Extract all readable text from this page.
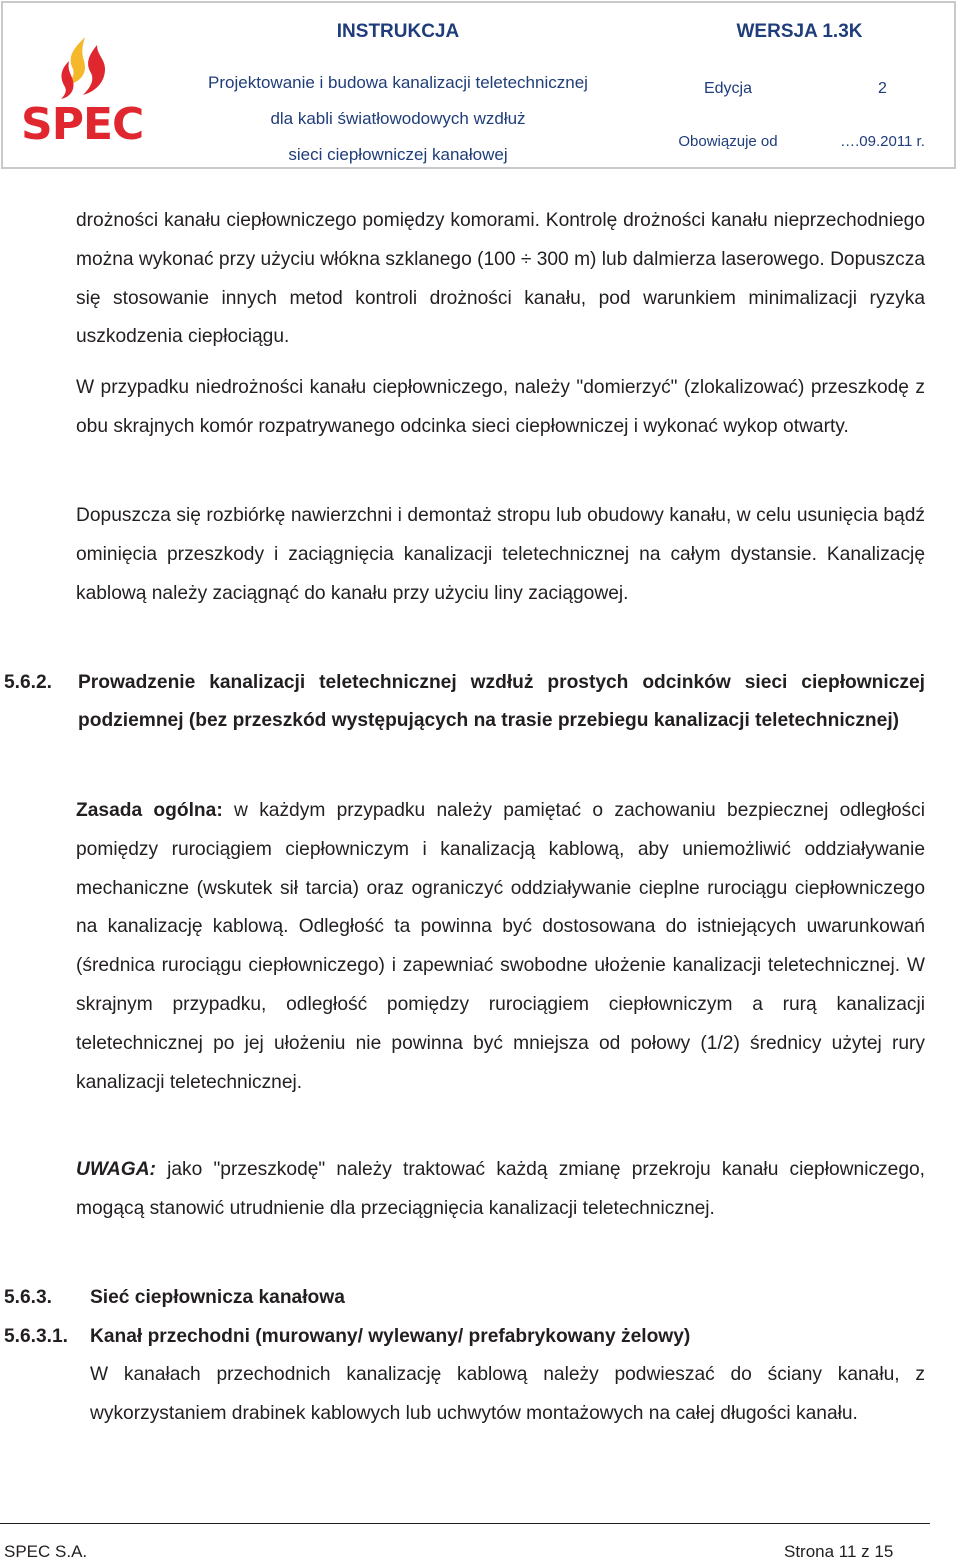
SPEC
INSTRUKCJA	WERSJA 1.3K
Projektowanie i budowa kanalizacji teletechnicznej
dla kabli światłowodowych wzdłuż
sieci ciepłowniczej kanałowej
Edycja	2
Obowiązuje od	….09.2011 r.

drożności kanału ciepłowniczego pomiędzy komorami. Kontrolę drożności kanału nieprzechodniego można wykonać przy użyciu włókna szklanego (100 ÷ 300 m) lub dalmierza laserowego. Dopuszcza się stosowanie innych metod kontroli drożności kanału, pod warunkiem minimalizacji ryzyka uszkodzenia ciepłociągu.

W przypadku niedrożności kanału ciepłowniczego, należy "domierzyć" (zlokalizować) przeszkodę z obu skrajnych komór rozpatrywanego odcinka sieci ciepłowniczej i wykonać wykop otwarty.

Dopuszcza się rozbiórkę nawierzchni i demontaż stropu lub obudowy kanału, w celu usunięcia bądź ominięcia przeszkody i zaciągnięcia kanalizacji teletechnicznej na całym dystansie. Kanalizację kablową należy zaciągnąć do kanału przy użyciu liny zaciągowej.

5.6.2. Prowadzenie kanalizacji teletechnicznej wzdłuż prostych odcinków sieci ciepłowniczej podziemnej (bez przeszkód występujących na trasie przebiegu kanalizacji teletechnicznej)

Zasada ogólna: w każdym przypadku należy pamiętać o zachowaniu bezpiecznej odległości pomiędzy rurociągiem ciepłowniczym i kanalizacją kablową, aby uniemożliwić oddziaływanie mechaniczne (wskutek sił tarcia) oraz ograniczyć oddziaływanie cieplne rurociągu ciepłowniczego na kanalizację kablową. Odległość ta powinna być dostosowana do istniejących uwarunkowań (średnica rurociągu ciepłowniczego) i zapewniać swobodne ułożenie kanalizacji teletechnicznej. W skrajnym przypadku, odległość pomiędzy rurociągiem ciepłowniczym a rurą kanalizacji teletechnicznej po jej ułożeniu nie powinna być mniejsza od połowy (1/2) średnicy użytej rury kanalizacji teletechnicznej.

UWAGA: jako "przeszkodę" należy traktować każdą zmianę przekroju kanału ciepłowniczego, mogącą stanowić utrudnienie dla przeciągnięcia kanalizacji teletechnicznej.

5.6.3. Sieć ciepłownicza kanałowa
5.6.3.1. Kanał przechodni (murowany/ wylewany/ prefabrykowany żelowy)

W kanałach przechodnich kanalizację kablową należy podwieszać do ściany kanału, z wykorzystaniem drabinek kablowych lub uchwytów montażowych na całej długości kanału.

SPEC S.A.	Strona 11 z 15
